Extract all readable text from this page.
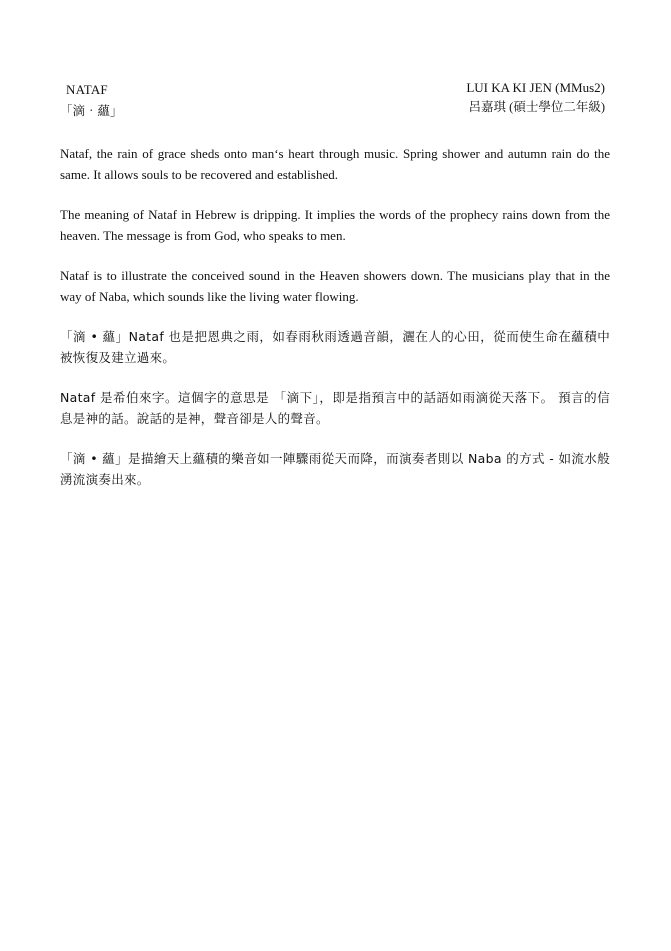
NATAF
「滴‧蘊」
LUI KA KI JEN (MMus2)
呂嘉琪 (碩士學位二年級)

Nataf, the rain of grace sheds onto man‘s heart through music. Spring shower and autumn rain do the same. It allows souls to be recovered and established.

The meaning of Nataf in Hebrew is dripping. It implies the words of the prophecy rains down from the heaven. The message is from God, who speaks to men.

Nataf is to illustrate the conceived sound in the Heaven showers down. The musicians play that in the way of Naba, which sounds like the living water flowing.

「滴 • 蘊」Nataf 也是把恩典之雨，如春雨秋雨透過音韻，灑在人的心田，從而使生命在蘊積中被恢復及建立過來。

Nataf 是希伯來字。這個字的意思是 「滴下」，即是指預言中的話語如雨滴從天落下。 預言的信息是神的話。說話的是神，聲音卻是人的聲音。

「滴 • 蘊」是描繪天上蘊積的樂音如一陣驟雨從天而降，而演奏者則以 Naba 的方式 - 如流水般湧流演奏出來。
